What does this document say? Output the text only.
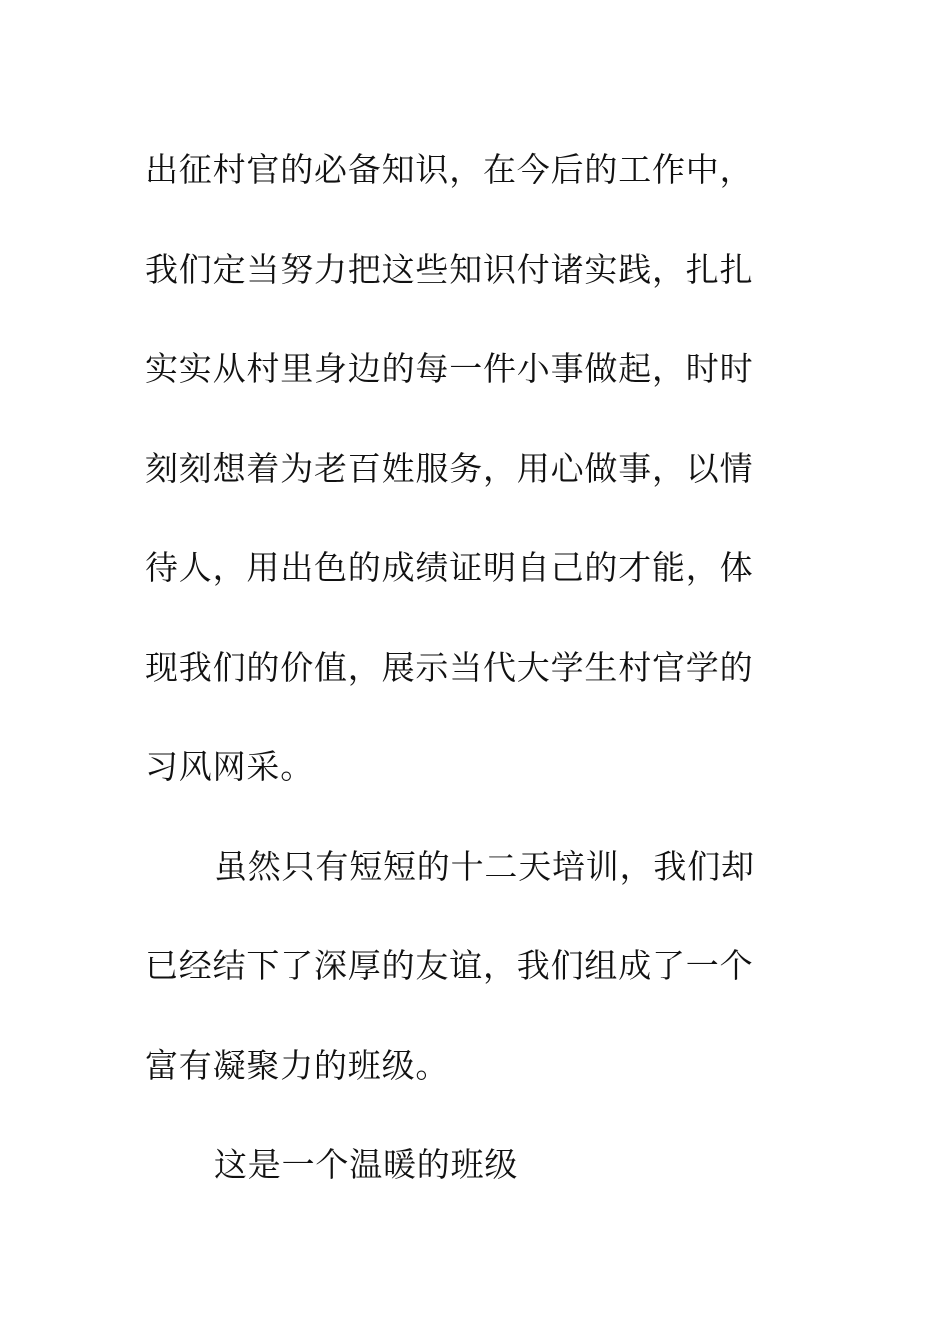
出征村官的必备知识，在今后的工作中，我们定当努力把这些知识付诸实践，扎扎实实从村里身边的每一件小事做起，时时刻刻想着为老百姓服务，用心做事，以情待人，用出色的成绩证明自己的才能，体现我们的价值，展示当代大学生村官学的习风网采。

虽然只有短短的十二天培训，我们却已经结下了深厚的友谊，我们组成了一个富有凝聚力的班级。

这是一个温暖的班级
